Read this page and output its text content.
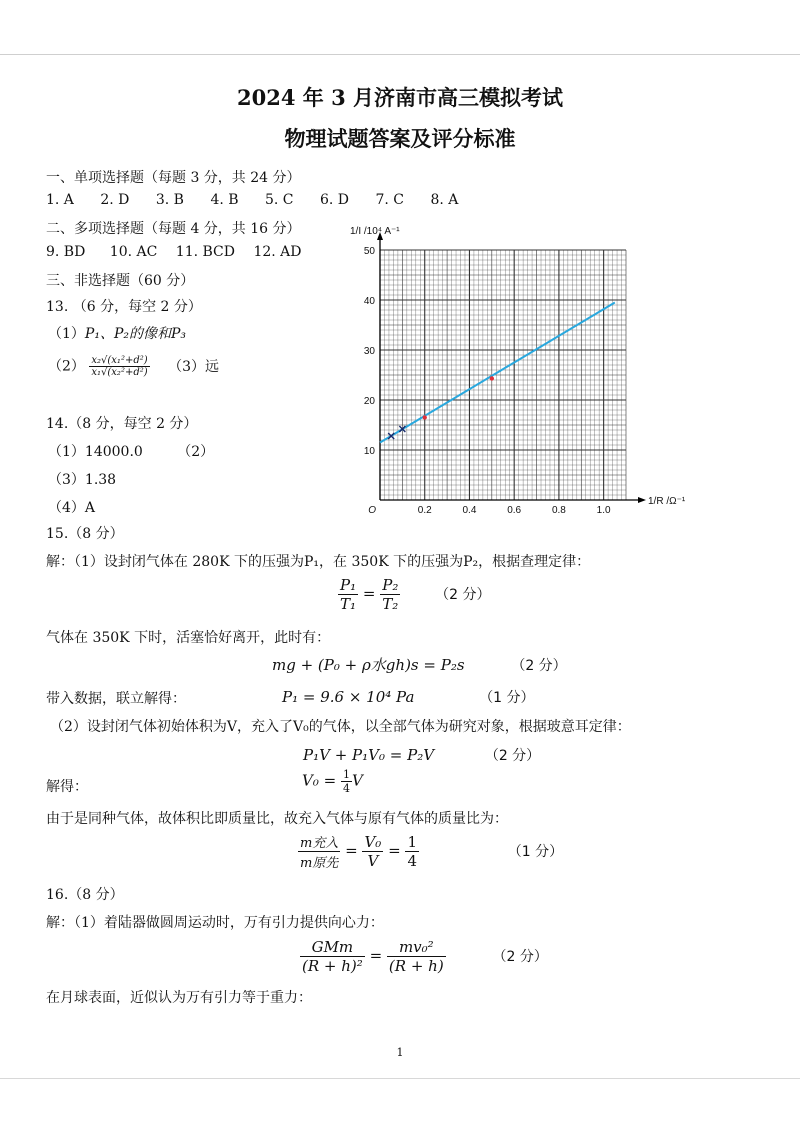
2024 年 3 月济南市高三模拟考试
物理试题答案及评分标准
一、单项选择题（每题 3 分，共 24 分）
1. A 2. D 3. B 4. B 5. C 6. D 7. C 8. A
二、多项选择题（每题 4 分，共 16 分）
9. BD 10. AC 11. BCD 12. AD
三、非选择题（60 分）
13. （6 分，每空 2 分）
（1）P₁、P₂的像和P₃
$(2) \frac{\text{x₂√(x₁²+d²)}}{\text{x₁√(x₂²+d²)}} (3)$远
14.（8 分，每空 2 分）
（1）14000.0 （2）
（3）1.38
（4）A	0.2	0.4	0.6	0.8	1.0
10
20
30
40
50
O
1/I /10⁴ A⁻¹
1/R /Ω⁻¹
15.（8 分）
解：（1）设封闭气体在 280K 下的压强为P₁，在 350K 下的压强为P₂，根据查理定律：
$\frac{\text{P₁}}{\text{T₁}} = \frac{\text{P₂}}{\text{T₂}} (2$ 分）
气体在 350K 下时，活塞恰好离开，此时有：
mg + (P₀ + ρ水gh)s = P₂s	（2 分）
带入数据，联立解得：	P₁ = 9.6 × 10⁴ Pa	（1 分）
（2）设封闭气体初始体积为V，充入了V₀的气体，以全部气体为研究对象，根据玻意耳定律：
P₁V + P₁V₀ = P₂V	（2 分）
解得：	$V_0 = \frac{1}{4}$ V
由于是同种气体，故体积比即质量比，故充入气体与原有气体的质量比为：
$\frac{\text{m充入}}{\text{m原先}} = \frac{\text{V₀}}{V} = \frac{1}{4}$	（1 分）
16.（8 分）
解：（1）着陆器做圆周运动时，万有引力提供向心力：
$\frac{\text{GMm}}{\text{(R + h)²}} = \frac{\text{mv₀²}}{(R + h)}$	（2 分）
在月球表面，近似认为万有引力等于重力：
1
